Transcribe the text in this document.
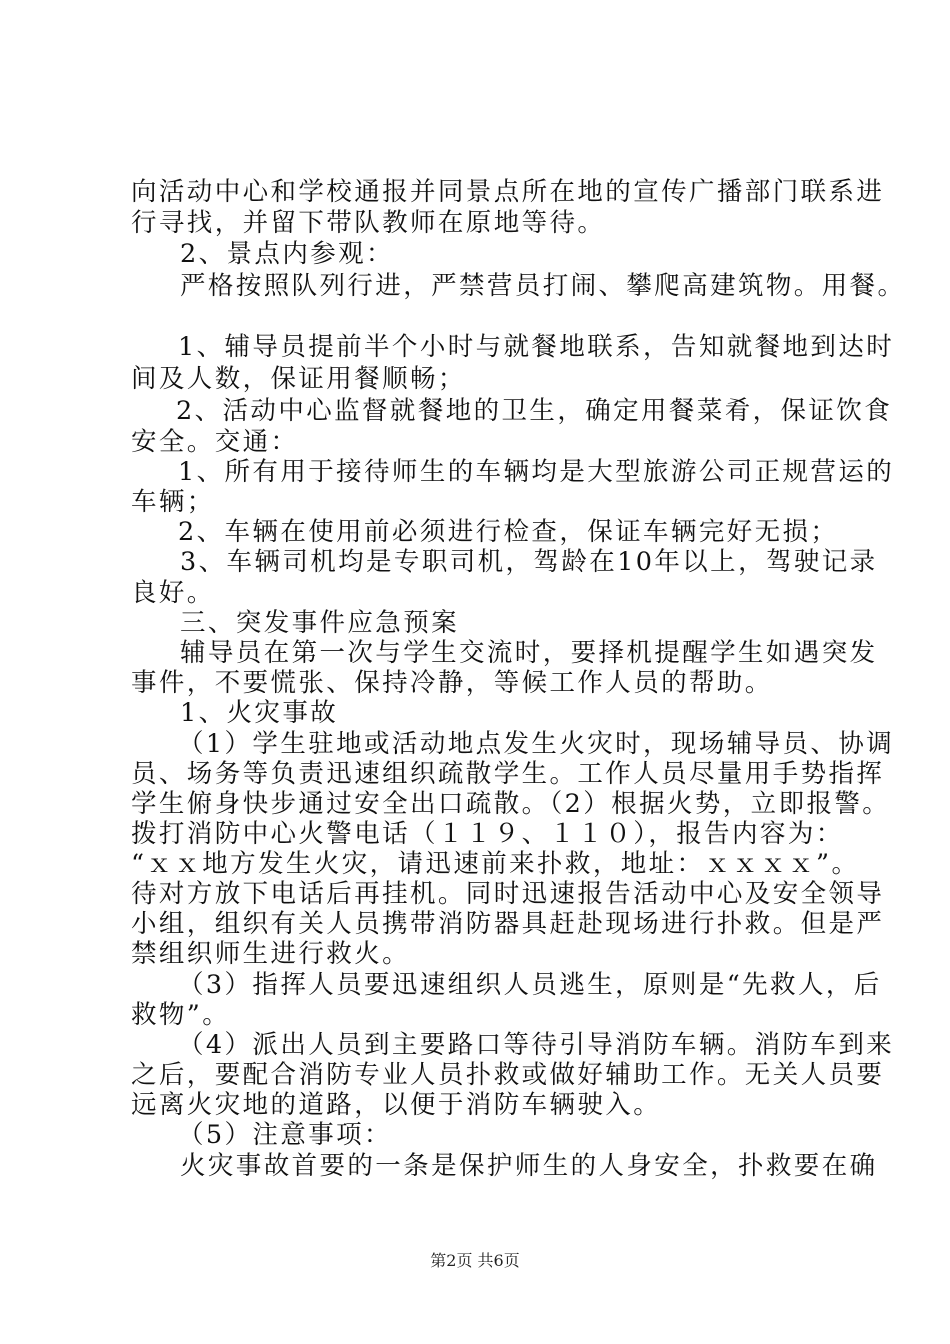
向活动中心和学校通报并同景点所在地的宣传广播部门联系进
行寻找，并留下带队教师在原地等待。
2、景点内参观：
严格按照队列行进，严禁营员打闹、攀爬高建筑物。用餐。
1、辅导员提前半个小时与就餐地联系，告知就餐地到达时
间及人数，保证用餐顺畅；
2、活动中心监督就餐地的卫生，确定用餐菜肴，保证饮食
安全。交通：
1、所有用于接待师生的车辆均是大型旅游公司正规营运的
车辆；
2、车辆在使用前必须进行检查，保证车辆完好无损；
3、车辆司机均是专职司机，驾龄在10年以上，驾驶记录
良好。
三、突发事件应急预案
辅导员在第一次与学生交流时，要择机提醒学生如遇突发
事件，不要慌张、保持冷静，等候工作人员的帮助。
1、火灾事故
（1）学生驻地或活动地点发生火灾时，现场辅导员、协调
员、场务等负责迅速组织疏散学生。工作人员尽量用手势指挥
学生俯身快步通过安全出口疏散。（2）根据火势，立即报警。
拨打消防中心火警电话（１１９、１１０），报告内容为：
“ｘｘ地方发生火灾，请迅速前来扑救，地址：ｘｘｘｘ”。
待对方放下电话后再挂机。同时迅速报告活动中心及安全领导
小组，组织有关人员携带消防器具赶赴现场进行扑救。但是严
禁组织师生进行救火。
（3）指挥人员要迅速组织人员逃生，原则是“先救人，后
救物”。
（4）派出人员到主要路口等待引导消防车辆。消防车到来
之后，要配合消防专业人员扑救或做好辅助工作。无关人员要
远离火灾地的道路，以便于消防车辆驶入。
（5）注意事项：
火灾事故首要的一条是保护师生的人身安全，扑救要在确
第2页 共6页
